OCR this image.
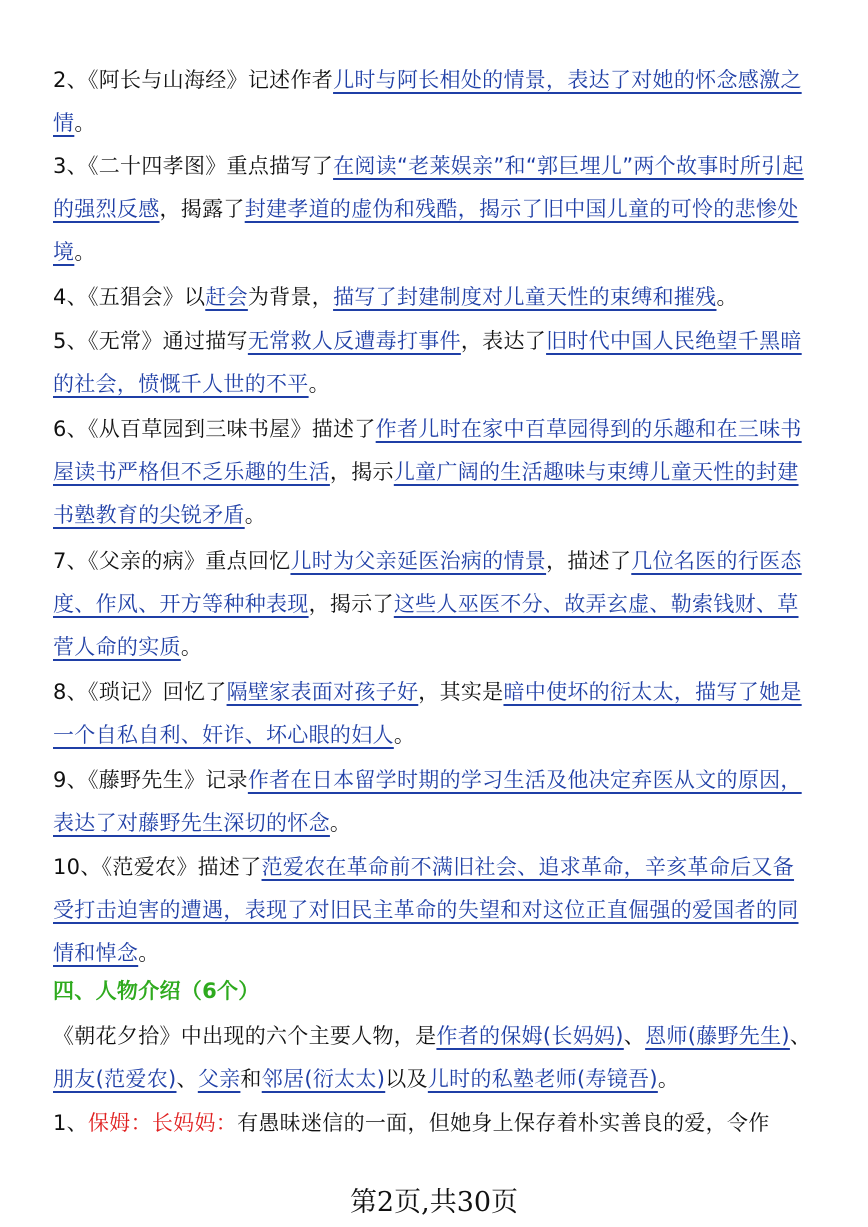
2、《阿长与山海经》记述作者儿时与阿长相处的情景，表达了对她的怀念感激之情。

3、《二十四孝图》重点描写了在阅读“老莱娱亲”和“郭巨埋儿”两个故事时所引起的强烈反感，揭露了封建孝道的虚伪和残酷，揭示了旧中国儿童的可怜的悲惨处境。

4、《五猖会》以赶会为背景，描写了封建制度对儿童天性的束缚和摧残。

5、《无常》通过描写无常救人反遭毒打事件，表达了旧时代中国人民绝望千黑暗的社会，愤慨千人世的不平。

6、《从百草园到三味书屋》描述了作者儿时在家中百草园得到的乐趣和在三味书屋读书严格但不乏乐趣的生活，揭示儿童广阔的生活趣味与束缚儿童天性的封建书塾教育的尖锐矛盾。

7、《父亲的病》重点回忆儿时为父亲延医治病的情景，描述了几位名医的行医态度、作风、开方等种种表现，揭示了这些人巫医不分、故弄玄虚、勒索钱财、草菅人命的实质。

8、《琐记》回忆了隔壁家表面对孩子好，其实是暗中使坏的衍太太，描写了她是一个自私自利、奸诈、坏心眼的妇人。

9、《藤野先生》记录作者在日本留学时期的学习生活及他决定弃医从文的原因，表达了对藤野先生深切的怀念。

10、《范爱农》描述了范爱农在革命前不满旧社会、追求革命，辛亥革命后又备受打击迫害的遭遇，表现了对旧民主革命的失望和对这位正直倔强的爱国者的同情和悼念。

四、人物介绍（6个）

《朝花夕拾》中出现的六个主要人物，是作者的保姆(长妈妈)、恩师(藤野先生)、朋友(范爱农)、父亲和邻居(衍太太)以及儿时的私塾老师(寿镜吾)。

1、保姆：长妈妈：有愚昧迷信的一面，但她身上保存着朴实善良的爱，令作

第2页,共30页
